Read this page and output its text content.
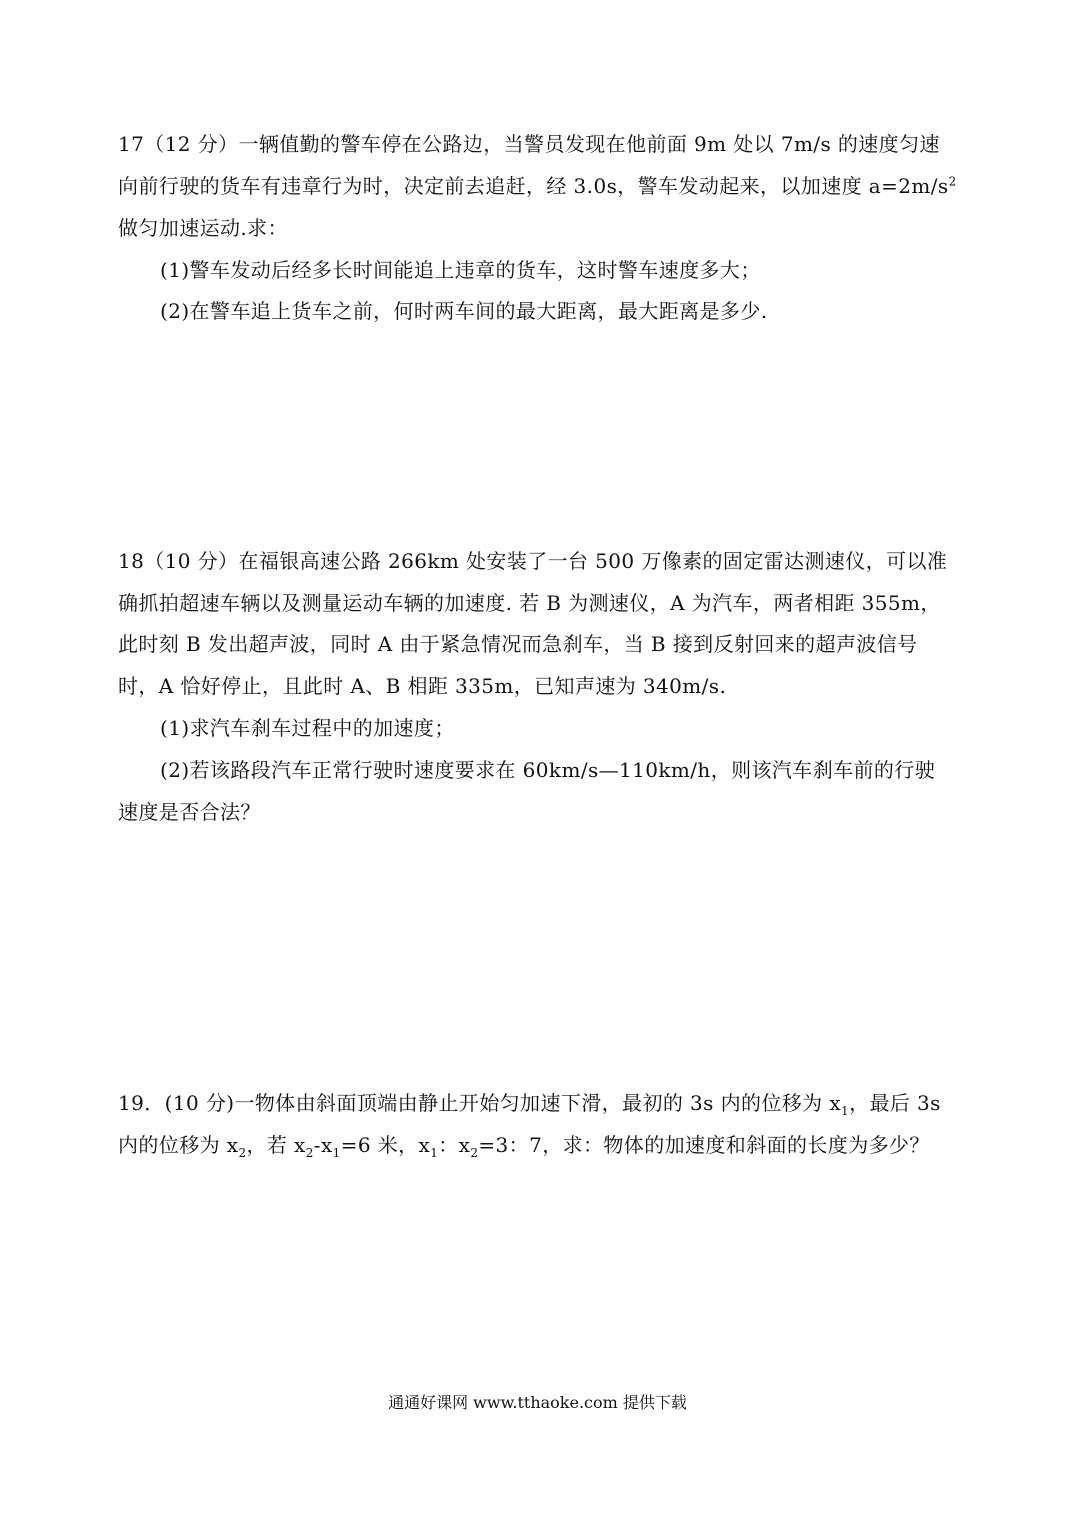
17（12 分）一辆值勤的警车停在公路边，当警员发现在他前面 9m 处以 7m/s 的速度匀速
向前行驶的货车有违章行为时，决定前去追赶，经 3.0s，警车发动起来，以加速度 $a=2m/s^2$
做匀加速运动.求：
(1)警车发动后经多长时间能追上违章的货车，这时警车速度多大；
(2)在警车追上货车之前，何时两车间的最大距离，最大距离是多少.
18（10 分）在福银高速公路 266km 处安装了一台 500 万像素的固定雷达测速仪，可以准
确抓拍超速车辆以及测量运动车辆的加速度. 若 B 为测速仪，A 为汽车，两者相距 355m，
此时刻 B 发出超声波，同时 A 由于紧急情况而急刹车，当 B 接到反射回来的超声波信号
时，A 恰好停止，且此时 A、B 相距 335m，已知声速为 340m/s.
(1)求汽车刹车过程中的加速度；
(2)若该路段汽车正常行驶时速度要求在 60km/s—110km/h，则该汽车刹车前的行驶
速度是否合法？
19．(10 分)一物体由斜面顶端由静止开始匀加速下滑，最初的 3s 内的位移为 $x_1$，最后 3s
内的位移为 $x_2$，若 $x_2-x_1=6$ 米，$x_1$：$x_2=3$：7，求：物体的加速度和斜面的长度为多少？
通通好课网 www.tthaoke.com 提供下载
